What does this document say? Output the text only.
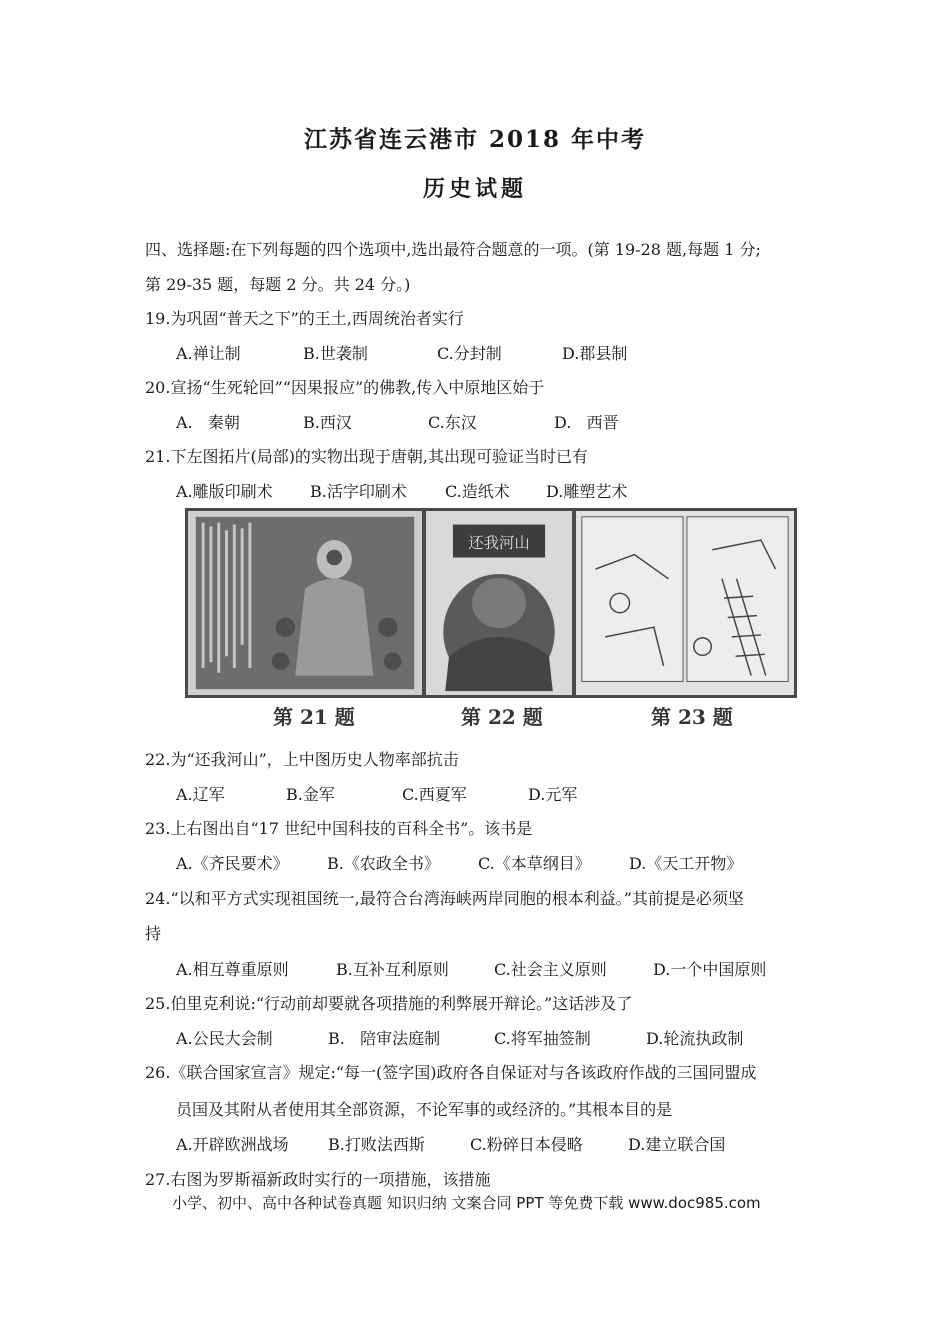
江苏省连云港市 2018 年中考
历史试题
四、选择题:在下列每题的四个选项中,选出最符合题意的一项。(第 19-28 题,每题 1 分;
第 29-35 题，每题 2 分。共 24 分。)
19.为巩固“普天之下”的王土,西周统治者实行
A.禅让制	B.世袭制	C.分封制	D.郡县制
20.宣扬“生死轮回”“因果报应”的佛教,传入中原地区始于
A.   秦朝	B.西汉	C.东汉	D.   西晋
21.下左图拓片(局部)的实物出现于唐朝,其出现可验证当时已有
A.雕版印刷术 B.活字印刷术 C.造纸术 D.雕塑艺术
还我河山
第 21 题	第 22 题	第 23 题
22.为“还我河山”，上中图历史人物率部抗击
A.辽军	B.金军	C.西夏军	D.元军
23.上右图出自“17 世纪中国科技的百科全书”。该书是
A.《齐民要术》 B.《农政全书》 C.《本草纲目》 D.《天工开物》
24.“以和平方式实现祖国统一,最符合台湾海峡两岸同胞的根本利益。”其前提是必须坚
持
A.相互尊重原则	B.互补互利原则	C.社会主义原则	D.一个中国原则
25.伯里克利说:“行动前却要就各项措施的利弊展开辩论。”这话涉及了
A.公民大会制	B.   陪审法庭制	C.将军抽签制	D.轮流执政制
26.《联合国家宣言》规定:“每一(签字国)政府各自保证对与各该政府作战的三国同盟成
员国及其附从者使用其全部资源，不论军事的或经济的。”其根本目的是
A.开辟欧洲战场 B.打败法西斯	C.粉碎日本侵略	D.建立联合国
27.右图为罗斯福新政时实行的一项措施，该措施
小学、初中、高中各种试卷真题 知识归纳 文案合同 PPT 等免费下载 www.doc985.com
